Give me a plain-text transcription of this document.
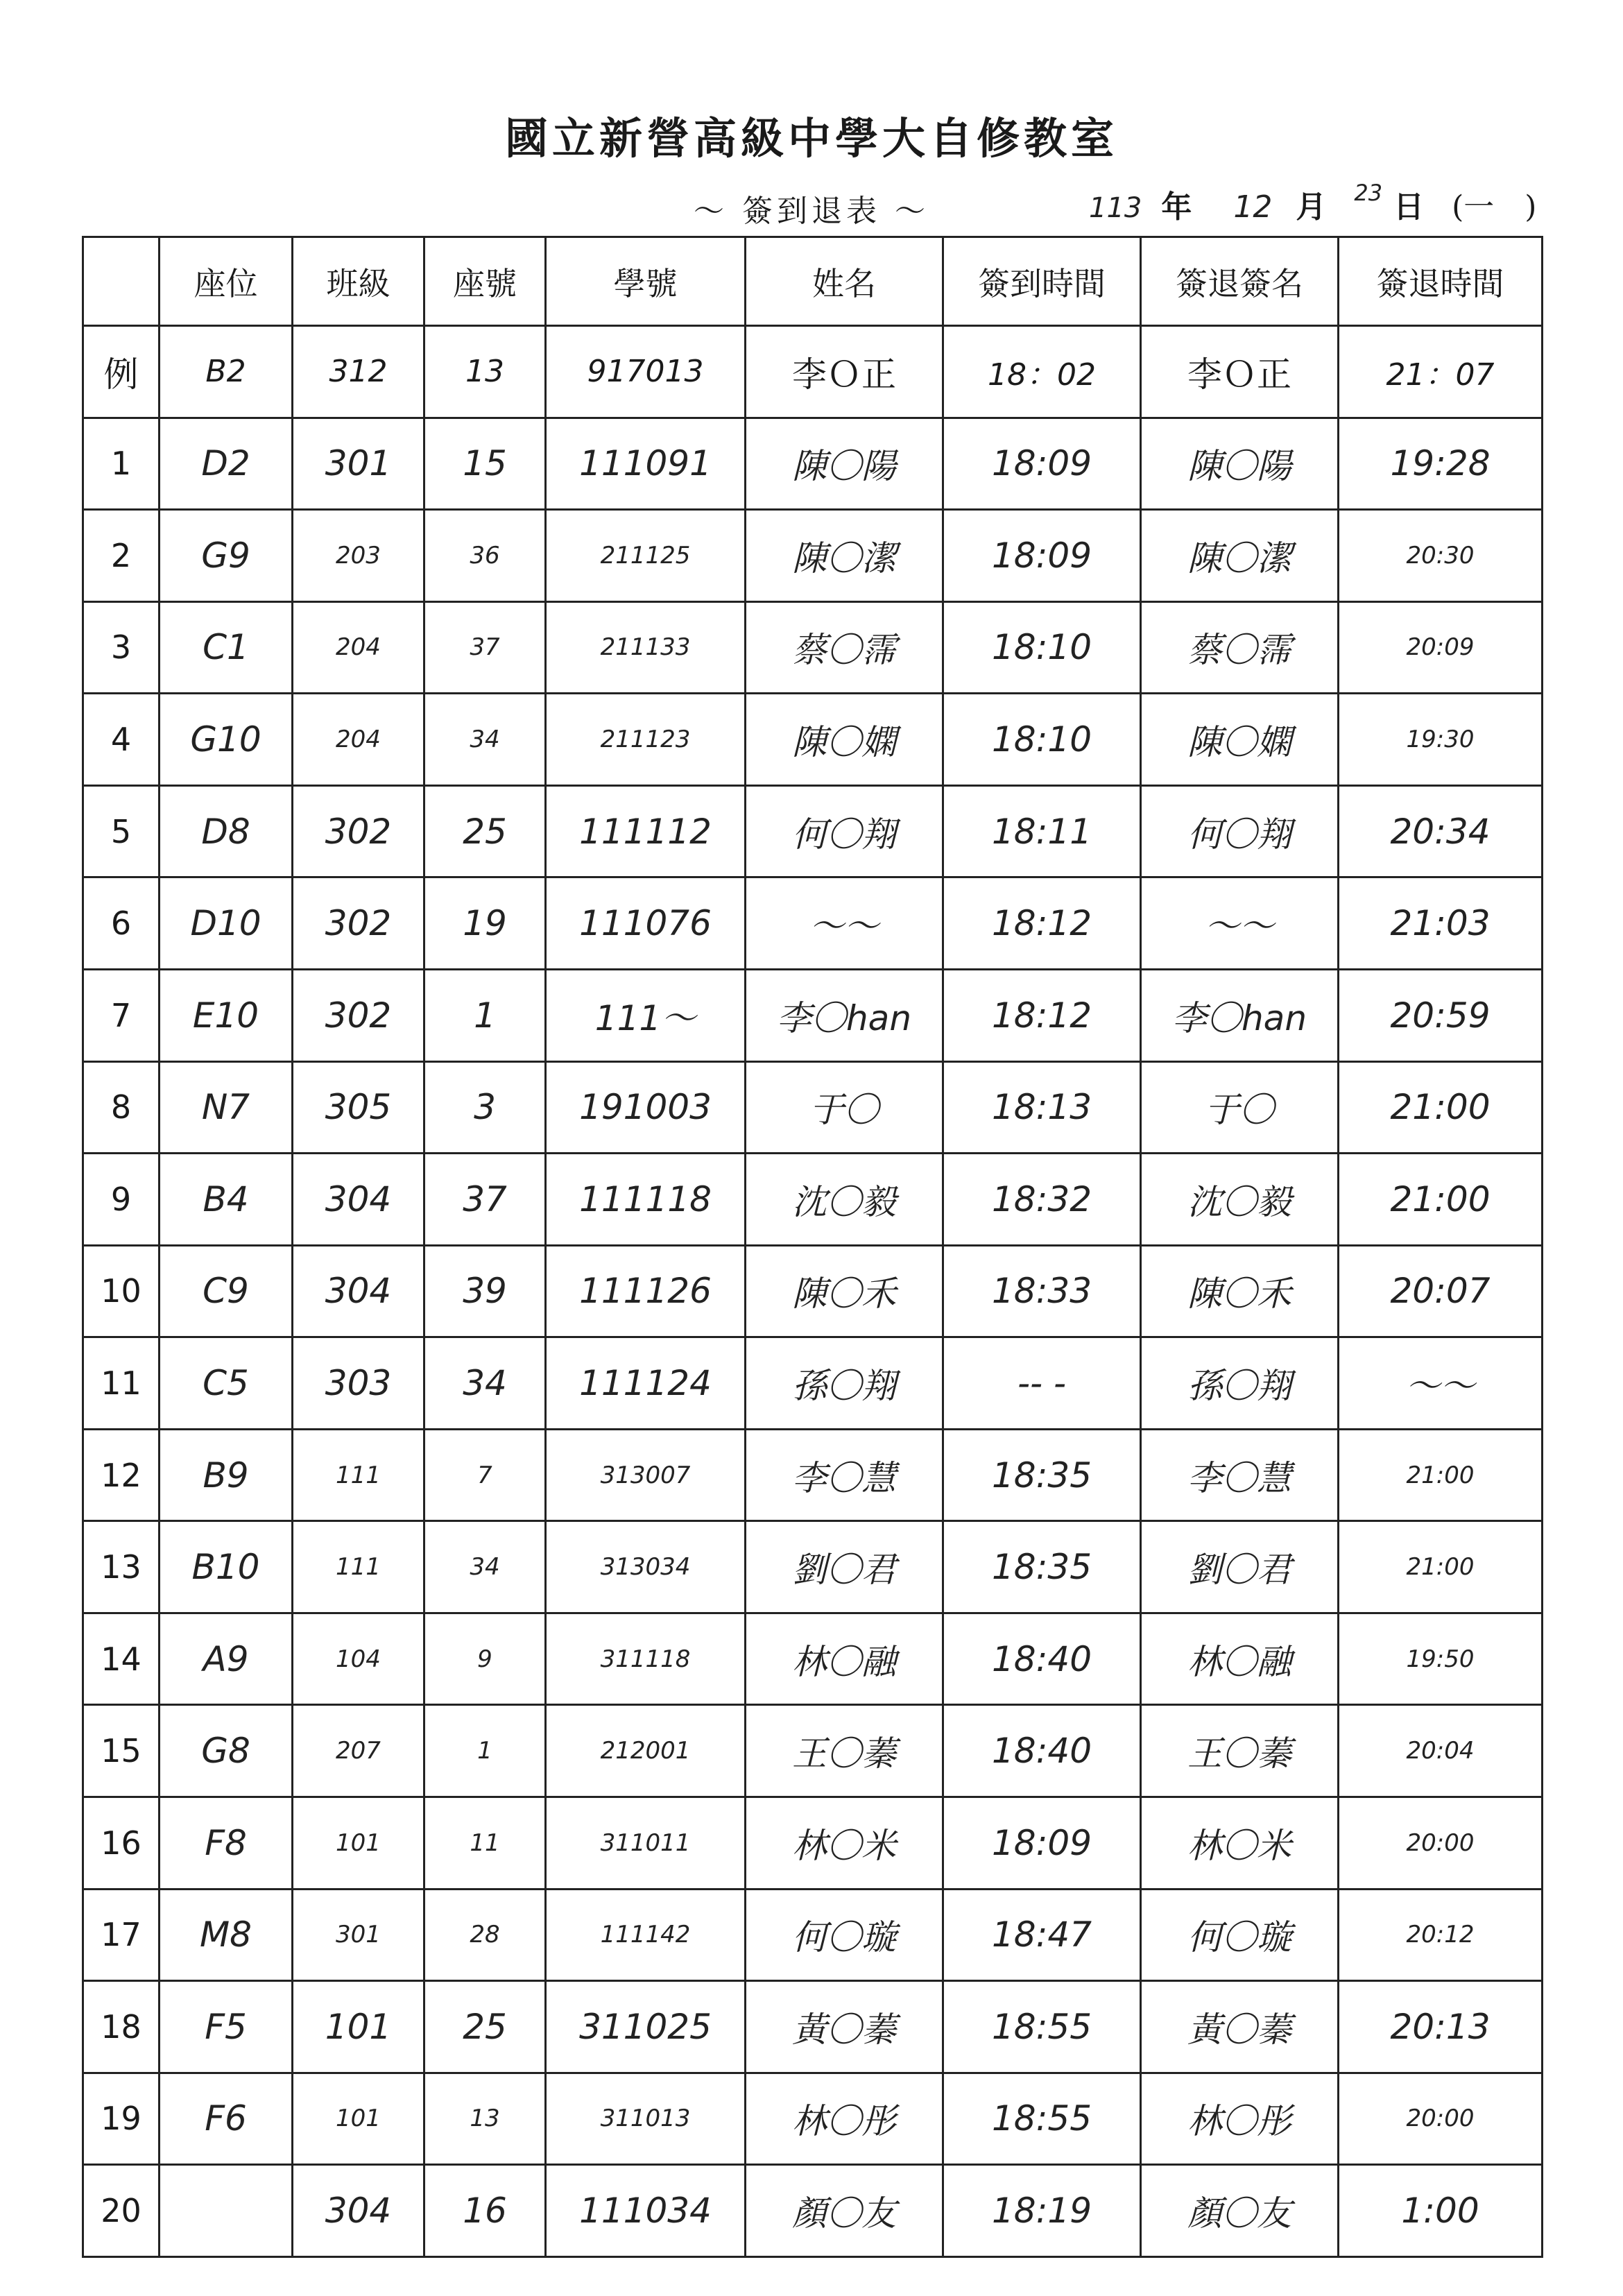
國立新營高級中學大自修教室
～ 簽到退表 ～	113 年 12 月 23 日 (一　)
	座位	班級	座號	學號	姓名	簽到時間	簽退簽名	簽退時間
例	B2	312	13	917013	李Ｏ正	18：02	李Ｏ正	21：07
1	D2	301	15	111091	陳〇陽	18:09	陳〇陽	19:28
2	G9	203	36	211125	陳〇潔	18:09	陳〇潔	20:30
3	C1	204	37	211133	蔡〇霈	18:10	蔡〇霈	20:09
4	G10	204	34	211123	陳〇嫻	18:10	陳〇嫻	19:30
5	D8	302	25	111112	何〇翔	18:11	何〇翔	20:34
6	D10	302	19	111076	～～	18:12	～～	21:03
7	E10	302	1	111～	李〇han	18:12	李〇han	20:59
8	N7	305	3	191003	于〇	18:13	于〇	21:00
9	B4	304	37	111118	沈〇毅	18:32	沈〇毅	21:00
10	C9	304	39	111126	陳〇禾	18:33	陳〇禾	20:07
11	C5	303	34	111124	孫〇翔	-- -	孫〇翔	～～
12	B9	111	7	313007	李〇慧	18:35	李〇慧	21:00
13	B10	111	34	313034	劉〇君	18:35	劉〇君	21:00
14	A9	104	9	311118	林〇融	18:40	林〇融	19:50
15	G8	207	1	212001	王〇蓁	18:40	王〇蓁	20:04
16	F8	101	11	311011	林〇米	18:09	林〇米	20:00
17	M8	301	28	111142	何〇璇	18:47	何〇璇	20:12
18	F5	101	25	311025	黃〇蓁	18:55	黃〇蓁	20:13
19	F6	101	13	311013	林〇彤	18:55	林〇彤	20:00
20		304	16	111034	顏〇友	18:19	顏〇友	1:00
